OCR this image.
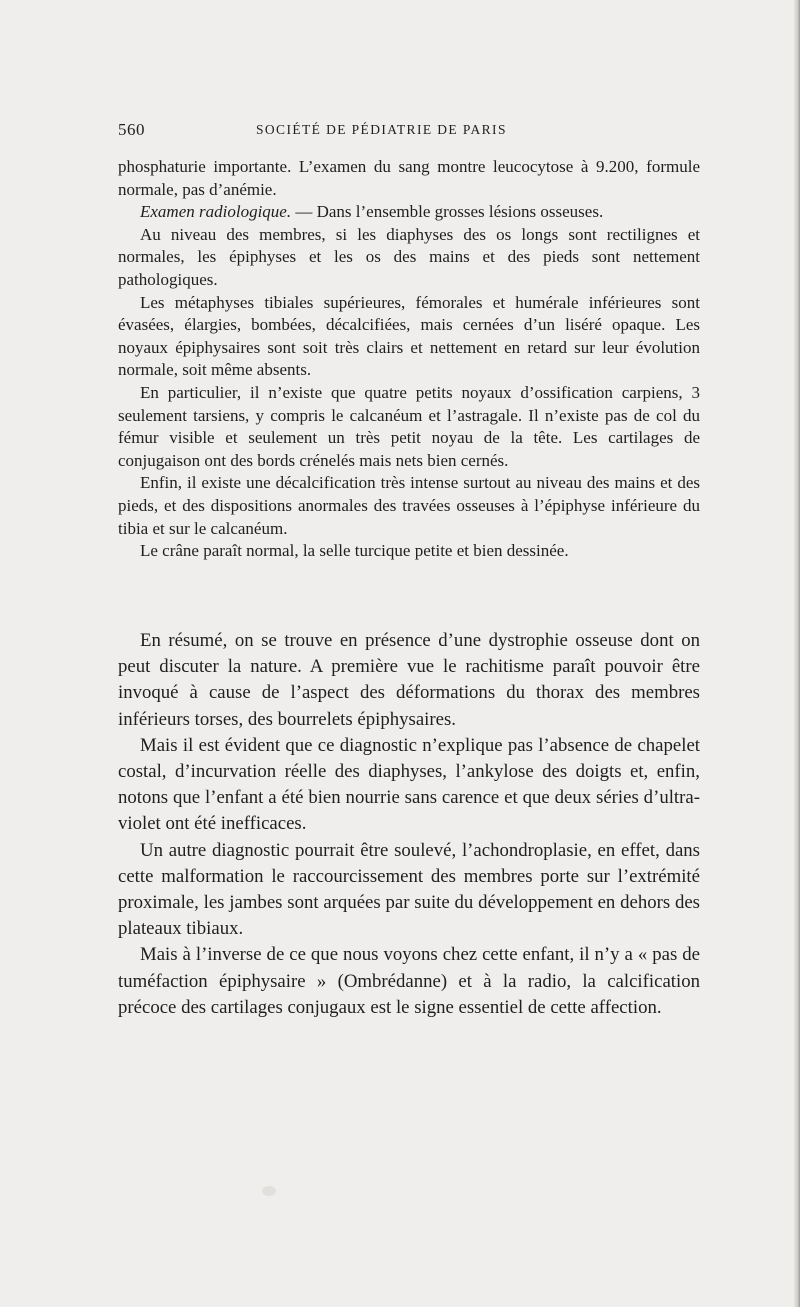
560	SOCIÉTÉ DE PÉDIATRIE DE PARIS

phosphaturie importante. L’examen du sang montre leucocytose à 9.200, formule normale, pas d’anémie.

Examen radiologique. — Dans l’ensemble grosses lésions osseuses.

Au niveau des membres, si les diaphyses des os longs sont rectilignes et normales, les épiphyses et les os des mains et des pieds sont nettement pathologiques.

Les métaphyses tibiales supérieures, fémorales et humérale inférieures sont évasées, élargies, bombées, décalcifiées, mais cernées d’un liséré opaque. Les noyaux épiphysaires sont soit très clairs et nettement en retard sur leur évolution normale, soit même absents.

En particulier, il n’existe que quatre petits noyaux d’ossification carpiens, 3 seulement tarsiens, y compris le calcanéum et l’astragale. Il n’existe pas de col du fémur visible et seulement un très petit noyau de la tête. Les cartilages de conjugaison ont des bords crénelés mais nets bien cernés.

Enfin, il existe une décalcification très intense surtout au niveau des mains et des pieds, et des dispositions anormales des travées osseuses à l’épiphyse inférieure du tibia et sur le calcanéum.

Le crâne paraît normal, la selle turcique petite et bien dessinée.

En résumé, on se trouve en présence d’une dystrophie osseuse dont on peut discuter la nature. A première vue le rachitisme paraît pouvoir être invoqué à cause de l’aspect des déformations du thorax des membres inférieurs torses, des bourrelets épiphysaires.

Mais il est évident que ce diagnostic n’explique pas l’absence de chapelet costal, d’incurvation réelle des diaphyses, l’ankylose des doigts et, enfin, notons que l’enfant a été bien nourrie sans carence et que deux séries d’ultra-violet ont été inefficaces.

Un autre diagnostic pourrait être soulevé, l’achondroplasie, en effet, dans cette malformation le raccourcissement des membres porte sur l’extrémité proximale, les jambes sont arquées par suite du développement en dehors des plateaux tibiaux.

Mais à l’inverse de ce que nous voyons chez cette enfant, il n’y a « pas de tuméfaction épiphysaire » (Ombrédanne) et à la radio, la calcification précoce des cartilages conjugaux est le signe essentiel de cette affection.
